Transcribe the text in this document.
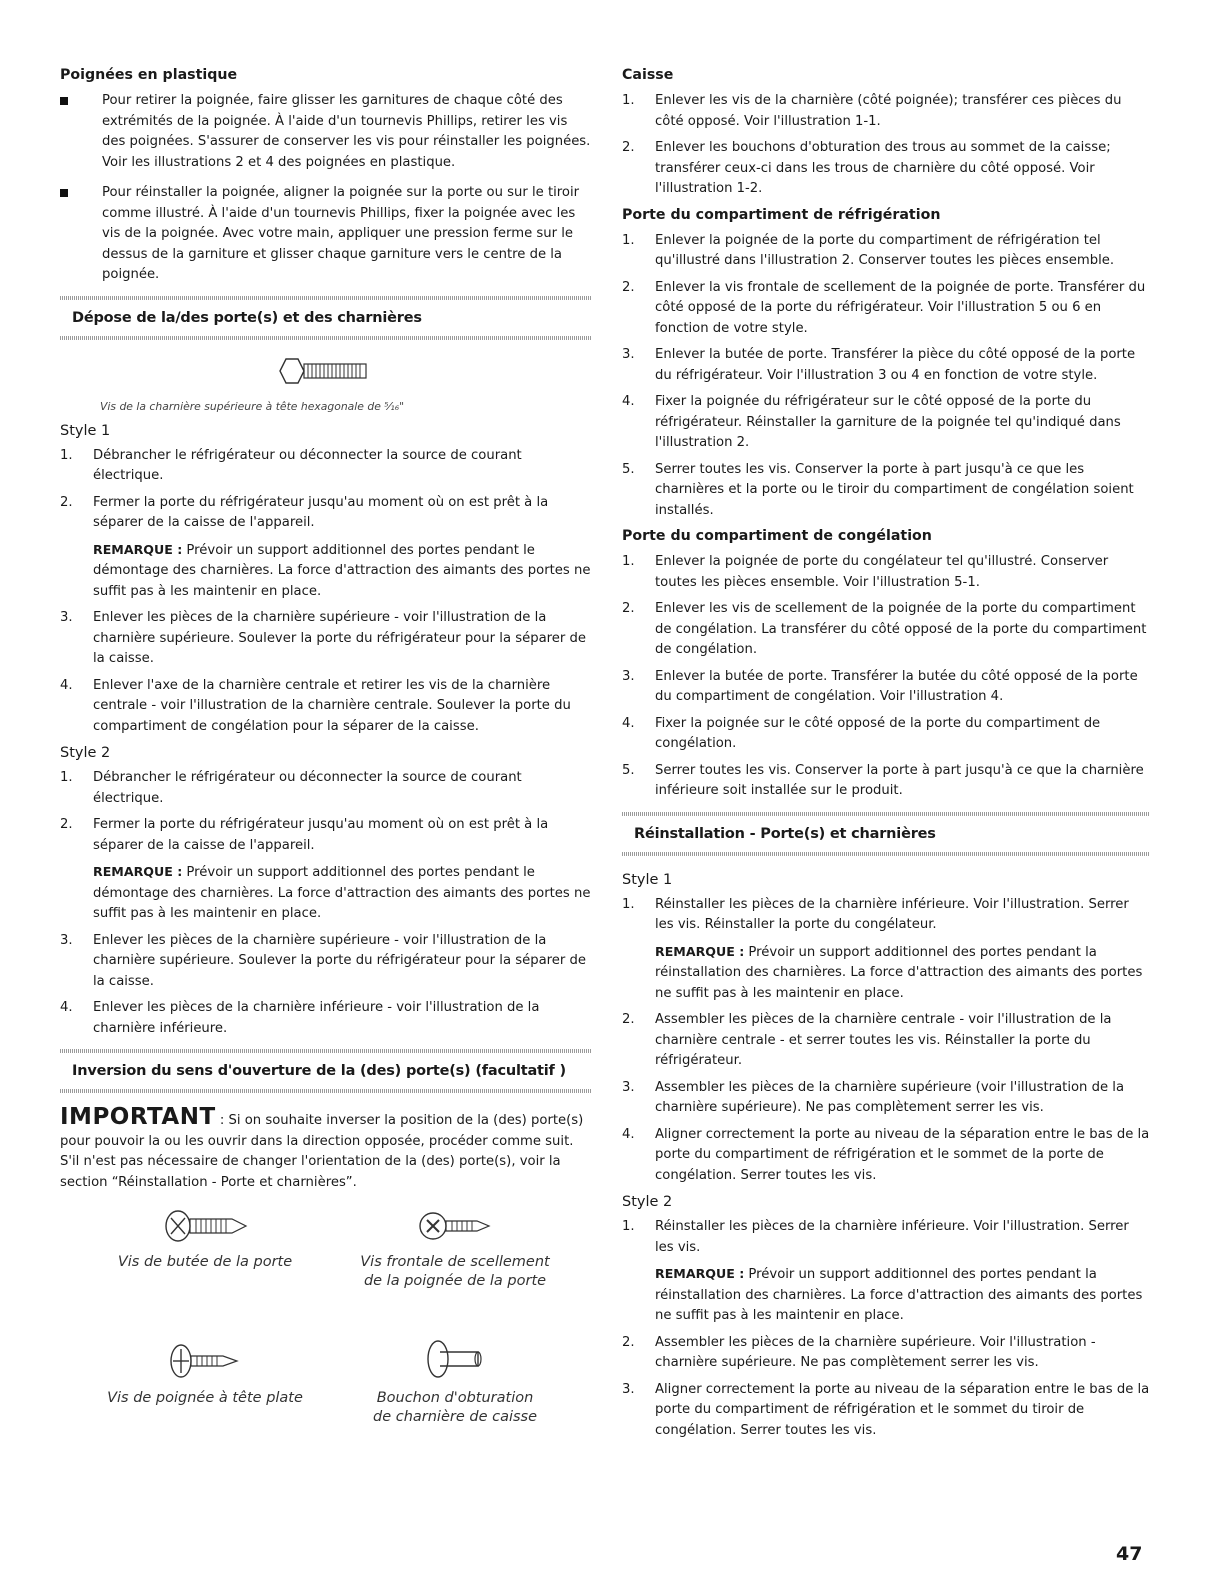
Poignées en plastique
Pour retirer la poignée, faire glisser les garnitures de chaque côté des extrémités de la poignée. À l'aide d'un tournevis Phillips, retirer les vis des poignées. S'assurer de conserver les vis pour réinstaller les poignées. Voir les illustrations 2 et 4 des poignées en plastique.
Pour réinstaller la poignée, aligner la poignée sur la porte ou sur le tiroir comme illustré. À l'aide d'un tournevis Phillips, fixer la poignée avec les vis de la poignée. Avec votre main, appliquer une pression ferme sur le dessus de la garniture et glisser chaque garniture vers le centre de la poignée.
Dépose de la/des porte(s) et des charnières
Vis de la charnière supérieure à tête hexagonale de ⁵⁄₁₆"
Style 1
1. Débrancher le réfrigérateur ou déconnecter la source de courant électrique.
2. Fermer la porte du réfrigérateur jusqu'au moment où on est prêt à la séparer de la caisse de l'appareil.
REMARQUE : Prévoir un support additionnel des portes pendant le démontage des charnières. La force d'attraction des aimants des portes ne suffit pas à les maintenir en place.
3. Enlever les pièces de la charnière supérieure - voir l'illustration de la charnière supérieure. Soulever la porte du réfrigérateur pour la séparer de la caisse.
4. Enlever l'axe de la charnière centrale et retirer les vis de la charnière centrale - voir l'illustration de la charnière centrale. Soulever la porte du compartiment de congélation pour la séparer de la caisse.
Style 2
1. Débrancher le réfrigérateur ou déconnecter la source de courant électrique.
2. Fermer la porte du réfrigérateur jusqu'au moment où on est prêt à la séparer de la caisse de l'appareil.
REMARQUE : Prévoir un support additionnel des portes pendant le démontage des charnières. La force d'attraction des aimants des portes ne suffit pas à les maintenir en place.
3. Enlever les pièces de la charnière supérieure - voir l'illustration de la charnière supérieure. Soulever la porte du réfrigérateur pour la séparer de la caisse.
4. Enlever les pièces de la charnière inférieure - voir l'illustration de la charnière inférieure.
Inversion du sens d'ouverture de la (des) porte(s) (facultatif )
IMPORTANT : Si on souhaite inverser la position de la (des) porte(s) pour pouvoir la ou les ouvrir dans la direction opposée, procéder comme suit. S'il n'est pas nécessaire de changer l'orientation de la (des) porte(s), voir la section “Réinstallation - Porte et charnières”.
Vis de butée de la porte	Vis frontale de scellement
de la poignée de la porte
Vis de poignée à tête plate	Bouchon d'obturation
de charnière de caisse
Caisse
1. Enlever les vis de la charnière (côté poignée); transférer ces pièces du côté opposé. Voir l'illustration 1-1.
2. Enlever les bouchons d'obturation des trous au sommet de la caisse; transférer ceux-ci dans les trous de charnière du côté opposé. Voir l'illustration 1-2.
Porte du compartiment de réfrigération
1. Enlever la poignée de la porte du compartiment de réfrigération tel qu'illustré dans l'illustration 2. Conserver toutes les pièces ensemble.
2. Enlever la vis frontale de scellement de la poignée de porte. Transférer du côté opposé de la porte du réfrigérateur. Voir l'illustration 5 ou 6 en fonction de votre style.
3. Enlever la butée de porte. Transférer la pièce du côté opposé de la porte du réfrigérateur. Voir l'illustration 3 ou 4 en fonction de votre style.
4. Fixer la poignée du réfrigérateur sur le côté opposé de la porte du réfrigérateur. Réinstaller la garniture de la poignée tel qu'indiqué dans l'illustration 2.
5. Serrer toutes les vis. Conserver la porte à part jusqu'à ce que les charnières et la porte ou le tiroir du compartiment de congélation soient installés.
Porte du compartiment de congélation
1. Enlever la poignée de porte du congélateur tel qu'illustré. Conserver toutes les pièces ensemble. Voir l'illustration 5-1.
2. Enlever les vis de scellement de la poignée de la porte du compartiment de congélation. La transférer du côté opposé de la porte du compartiment de congélation.
3. Enlever la butée de porte. Transférer la butée du côté opposé de la porte du compartiment de congélation. Voir l'illustration 4.
4. Fixer la poignée sur le côté opposé de la porte du compartiment de congélation.
5. Serrer toutes les vis. Conserver la porte à part jusqu'à ce que la charnière inférieure soit installée sur le produit.
Réinstallation - Porte(s) et charnières
Style 1
1. Réinstaller les pièces de la charnière inférieure. Voir l'illustration. Serrer les vis. Réinstaller la porte du congélateur.
REMARQUE : Prévoir un support additionnel des portes pendant la réinstallation des charnières. La force d'attraction des aimants des portes ne suffit pas à les maintenir en place.
2. Assembler les pièces de la charnière centrale - voir l'illustration de la charnière centrale - et serrer toutes les vis. Réinstaller la porte du réfrigérateur.
3. Assembler les pièces de la charnière supérieure (voir l'illustration de la charnière supérieure). Ne pas complètement serrer les vis.
4. Aligner correctement la porte au niveau de la séparation entre le bas de la porte du compartiment de réfrigération et le sommet de la porte de congélation. Serrer toutes les vis.
Style 2
1. Réinstaller les pièces de la charnière inférieure. Voir l'illustration. Serrer les vis.
REMARQUE : Prévoir un support additionnel des portes pendant la réinstallation des charnières. La force d'attraction des aimants des portes ne suffit pas à les maintenir en place.
2. Assembler les pièces de la charnière supérieure. Voir l'illustration - charnière supérieure. Ne pas complètement serrer les vis.
3. Aligner correctement la porte au niveau de la séparation entre le bas de la porte du compartiment de réfrigération et le sommet du tiroir de congélation. Serrer toutes les vis.
47
